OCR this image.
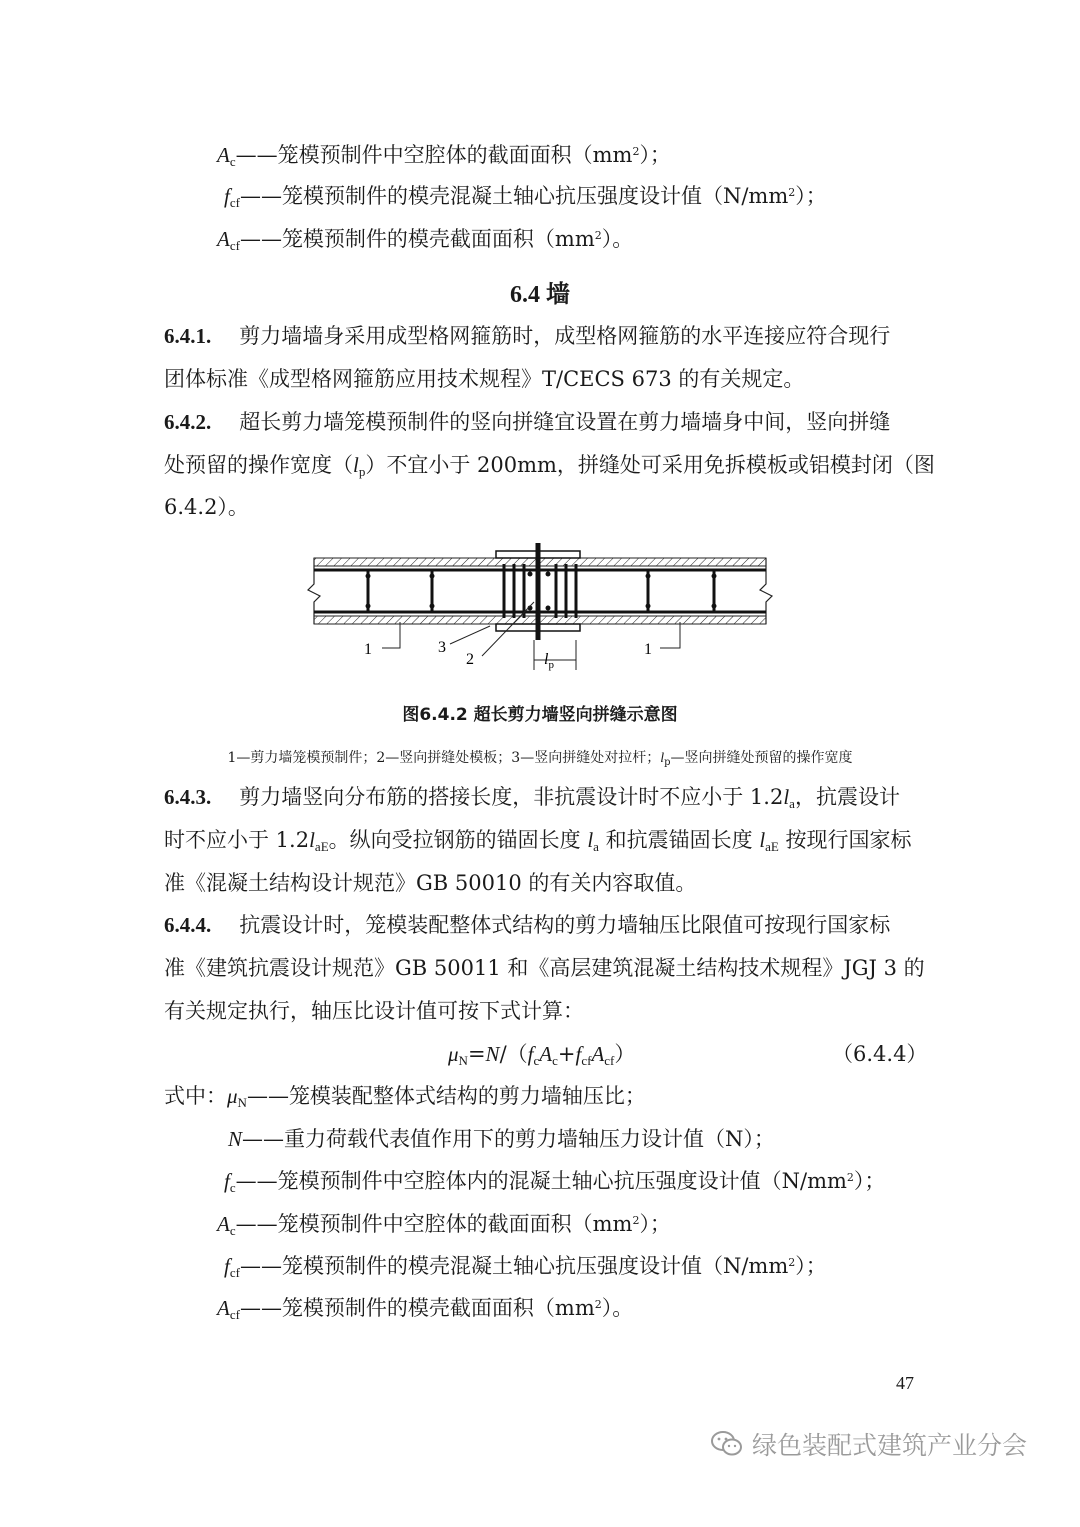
$A_c——$笼模预制件中空腔体的截面面积$(mm^2)$；
$f_{cf}——$笼模预制件的模壳混凝土轴心抗压强度设计值$(N/mm^2)$；
$A_{cf}——$笼模预制件的模壳截面面积$(mm^2)$。
6.4 墙
6.4.1. 剪力墙墙身采用成型格网箍筋时，成型格网箍筋的水平连接应符合现行
团体标准《成型格网箍筋应用技术规程》T/CECS 673 的有关规定。
6.4.2. 超长剪力墙笼模预制件的竖向拼缝宜设置在剪力墙墙身中间，竖向拼缝
处预留的操作宽度$(l_p)$不宜小于 200mm，拼缝处可采用免拆模板或铝模封闭（图
6.4.2）。
1	3
2	$l_p$
1
图6.4.2 超长剪力墙竖向拼缝示意图
1—剪力墙笼模预制件；2—竖向拼缝处模板；3—竖向拼缝处对拉杆；$l_p—$竖向拼缝处预留的操作宽度
6.4.3. 剪力墙竖向分布筋的搭接长度，非抗震设计时不应小于 $1.2l_a$，抗震设计
时不应小于 $1.2l_{aE}$。纵向受拉钢筋的锚固长度 $l_a$ 和抗震锚固长度 $l_{aE}$ 按现行国家标
准《混凝土结构设计规范》GB 50010 的有关内容取值。
6.4.4. 抗震设计时，笼模装配整体式结构的剪力墙轴压比限值可按现行国家标
准《建筑抗震设计规范》GB 50011 和《高层建筑混凝土结构技术规程》JGJ 3 的
有关规定执行，轴压比设计值可按下式计算：
$\mu_N=N/(f_cA_c+f_{cf}A_{cf})$	（6.4.4）
式中：$\mu_N——$笼模装配整体式结构的剪力墙轴压比；
N——重力荷载代表值作用下的剪力墙轴压力设计值（N）；
$f_c——$笼模预制件中空腔体内的混凝土轴心抗压强度设计值$(N/mm^2)$；
$A_c——$笼模预制件中空腔体的截面面积$(mm^2)$；
$f_{cf}——$笼模预制件的模壳混凝土轴心抗压强度设计值$(N/mm^2)$；
$A_{cf}——$笼模预制件的模壳截面面积$(mm^2)$。
47
绿色装配式建筑产业分会
